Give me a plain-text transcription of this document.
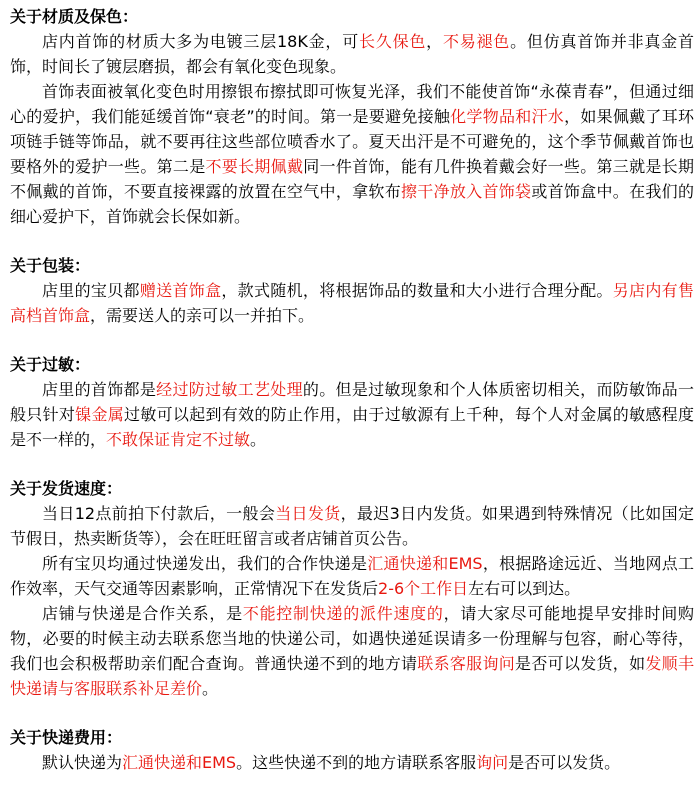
关于材质及保色：
店内首饰的材质大多为电镀三层18K金，可长久保色，不易褪色。但仿真首饰并非真金首饰，时间长了镀层磨损，都会有氧化变色现象。
首饰表面被氧化变色时用擦银布擦拭即可恢复光泽，我们不能使首饰“永葆青春”，但通过细心的爱护，我们能延缓首饰“衰老”的时间。第一是要避免接触化学物品和汗水，如果佩戴了耳环项链手链等饰品，就不要再往这些部位喷香水了。夏天出汗是不可避免的，这个季节佩戴首饰也要格外的爱护一些。第二是不要长期佩戴同一件首饰，能有几件换着戴会好一些。第三就是长期不佩戴的首饰，不要直接裸露的放置在空气中，拿软布擦干净放入首饰袋或首饰盒中。在我们的细心爱护下，首饰就会长保如新。
关于包装：
店里的宝贝都赠送首饰盒，款式随机，将根据饰品的数量和大小进行合理分配。另店内有售高档首饰盒，需要送人的亲可以一并拍下。
关于过敏：
店里的首饰都是经过防过敏工艺处理的。但是过敏现象和个人体质密切相关，而防敏饰品一般只针对镍金属过敏可以起到有效的防止作用，由于过敏源有上千种，每个人对金属的敏感程度是不一样的，不敢保证肯定不过敏。
关于发货速度：
当日12点前拍下付款后，一般会当日发货，最迟3日内发货。如果遇到特殊情况（比如国定节假日，热卖断货等），会在旺旺留言或者店铺首页公告。
所有宝贝均通过快递发出，我们的合作快递是汇通快递和EMS，根据路途远近、当地网点工作效率，天气交通等因素影响，正常情况下在发货后2-6个工作日左右可以到达。
店铺与快递是合作关系，是不能控制快递的派件速度的，请大家尽可能地提早安排时间购物，必要的时候主动去联系您当地的快递公司，如遇快递延误请多一份理解与包容，耐心等待，我们也会积极帮助亲们配合查询。普通快递不到的地方请联系客服询问是否可以发货，如发顺丰快递请与客服联系补足差价。
关于快递费用：
默认快递为汇通快递和EMS。这些快递不到的地方请联系客服询问是否可以发货。
